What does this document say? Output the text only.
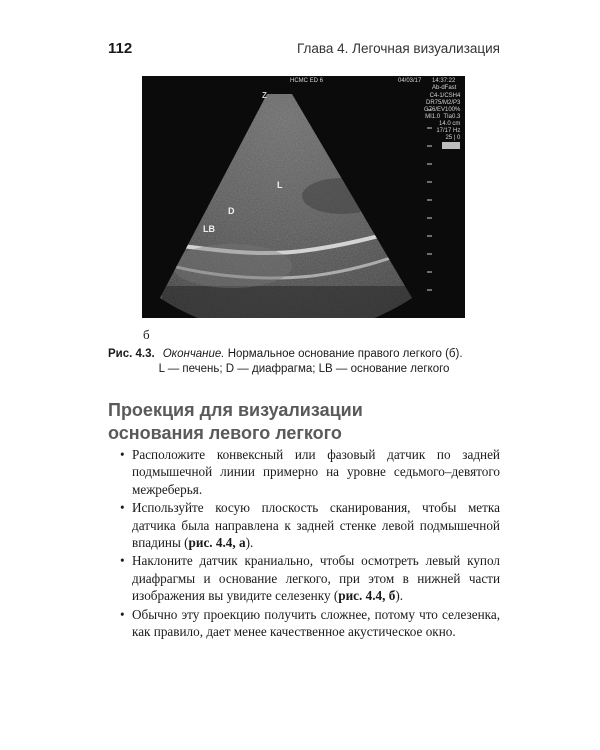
112	Глава 4. Легочная визуализация
Z
HCMC ED 6	04/03/17 14:37:22
Ab-dFast
C4-1/CSH4
DR75/M2/P3
G76/EV100%
MI1.0  TIa0.3
14.0 cm
17/17 Hz
25 | 0
L
D
LB
б
Рис. 4.3. Окончание. Нормальное основание правого легкого (б).
L — печень; D — диафрагма; LB — основание легкого
Проекция для визуализации
основания левого легкого
• Расположите конвексный или фазовый датчик по задней подмышечной линии примерно на уровне седьмого–девятого межреберья.
• Используйте косую плоскость сканирования, чтобы метка датчика была направлена к задней стенке левой подмышечной впадины (рис. 4.4, а).
• Наклоните датчик краниально, чтобы осмотреть левый купол диафрагмы и основание легкого, при этом в нижней части изображения вы увидите селезенку (рис. 4.4, б).
• Обычно эту проекцию получить сложнее, потому что селезенка, как правило, дает менее качественное акустическое окно.
